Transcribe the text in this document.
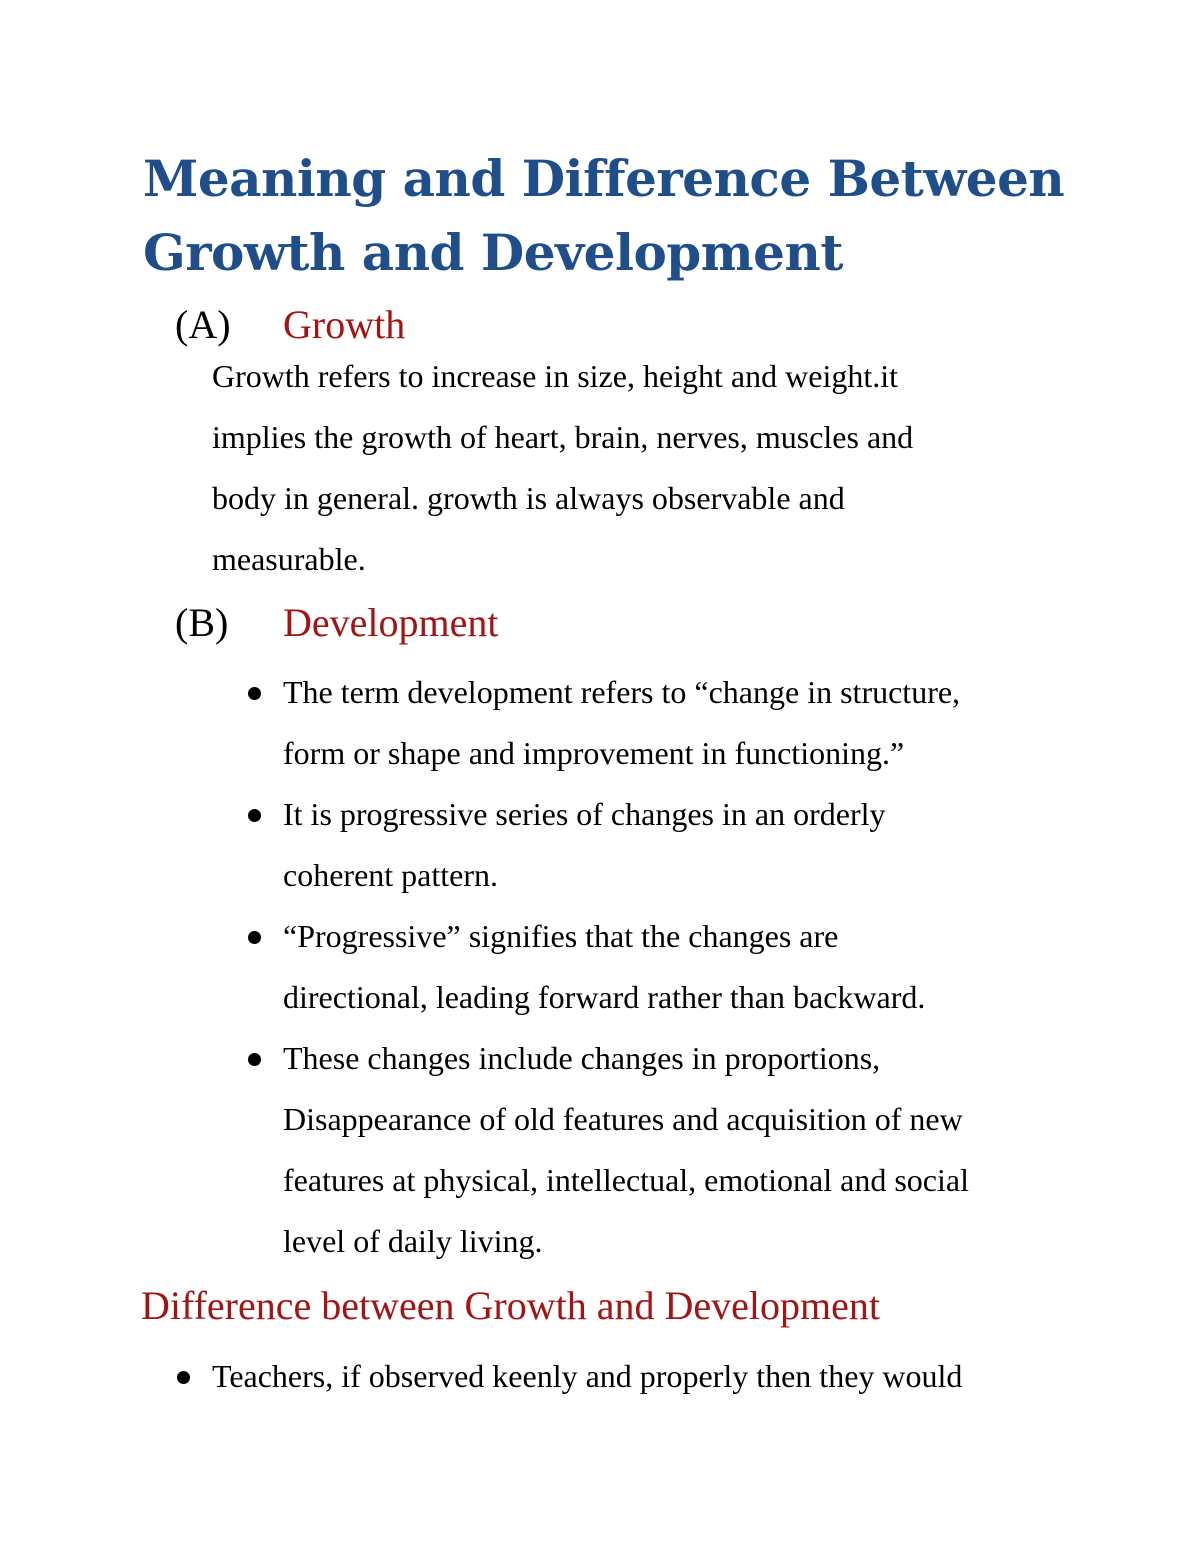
Meaning and Difference Between
Growth and Development
(A) Growth

Growth refers to increase in size, height and weight.it
implies the growth of heart, brain, nerves, muscles and
body in general. growth is always observable and
measurable.

(B) Development
The term development refers to “change in structure,
form or shape and improvement in functioning.”
It is progressive series of changes in an orderly
coherent pattern.
“Progressive” signifies that the changes are
directional, leading forward rather than backward.
These changes include changes in proportions,
Disappearance of old features and acquisition of new
features at physical, intellectual, emotional and social
level of daily living.
Difference between Growth and Development
Teachers, if observed keenly and properly then they would
